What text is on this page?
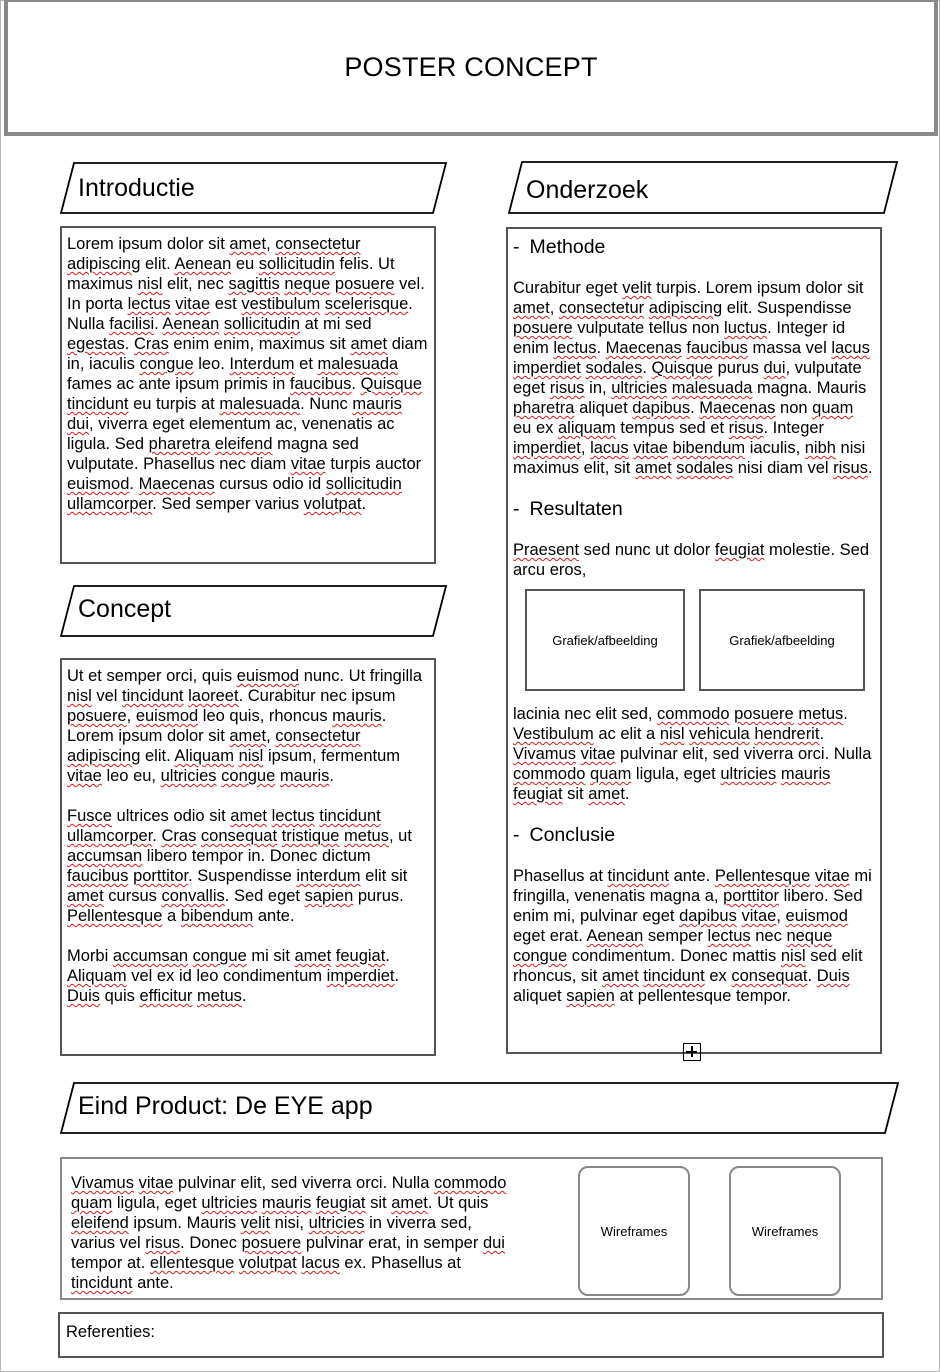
POSTER CONCEPT
Introductie

Lorem ipsum dolor sit amet, consectetur adipiscing elit. Aenean eu sollicitudin felis. Ut maximus nisl elit, nec sagittis neque posuere vel. In porta lectus vitae est vestibulum scelerisque. Nulla facilisi. Aenean sollicitudin at mi sed egestas. Cras enim enim, maximus sit amet diam in, iaculis congue leo. Interdum et malesuada fames ac ante ipsum primis in faucibus. Quisque tincidunt eu turpis at malesuada. Nunc mauris dui, viverra eget elementum ac, venenatis ac ligula. Sed pharetra eleifend magna sed vulputate. Phasellus nec diam vitae turpis auctor euismod. Maecenas cursus odio id sollicitudin ullamcorper. Sed semper varius volutpat.

Concept

Ut et semper orci, quis euismod nunc. Ut fringilla nisl vel tincidunt laoreet. Curabitur nec ipsum posuere, euismod leo quis, rhoncus mauris. Lorem ipsum dolor sit amet, consectetur adipiscing elit. Aliquam nisl ipsum, fermentum vitae leo eu, ultricies congue mauris.

Fusce ultrices odio sit amet lectus tincidunt ullamcorper. Cras consequat tristique metus, ut accumsan libero tempor in. Donec dictum faucibus porttitor. Suspendisse interdum elit sit amet cursus convallis. Sed eget sapien purus. Pellentesque a bibendum ante.

Morbi accumsan congue mi sit amet feugiat. Aliquam vel ex id leo condimentum imperdiet. Duis quis efficitur metus.

Onderzoek
- Methode

Curabitur eget velit turpis. Lorem ipsum dolor sit amet, consectetur adipiscing elit. Suspendisse posuere vulputate tellus non luctus. Integer id enim lectus. Maecenas faucibus massa vel lacus imperdiet sodales. Quisque purus dui, vulputate eget risus in, ultricies malesuada magna. Mauris pharetra aliquet dapibus. Maecenas non quam eu ex aliquam tempus sed et risus. Integer imperdiet, lacus vitae bibendum iaculis, nibh nisi maximus elit, sit amet sodales nisi diam vel risus.

- Resultaten

Praesent sed nunc ut dolor feugiat molestie. Sed arcu eros,

Grafiek/afbeelding	Grafiek/afbeelding

lacinia nec elit sed, commodo posuere metus. Vestibulum ac elit a nisl vehicula hendrerit. Vivamus vitae pulvinar elit, sed viverra orci. Nulla commodo quam ligula, eget ultricies mauris feugiat sit amet.

- Conclusie

Phasellus at tincidunt ante. Pellentesque vitae mi fringilla, venenatis magna a, porttitor libero. Sed enim mi, pulvinar eget dapibus vitae, euismod eget erat. Aenean semper lectus nec neque congue condimentum. Donec mattis nisl sed elit rhoncus, sit amet tincidunt ex consequat. Duis aliquet sapien at pellentesque tempor.

Eind Product: De EYE app

Vivamus vitae pulvinar elit, sed viverra orci. Nulla commodo quam ligula, eget ultricies mauris feugiat sit amet. Ut quis eleifend ipsum. Mauris velit nisi, ultricies in viverra sed, varius vel risus. Donec posuere pulvinar erat, in semper dui tempor at. ellentesque volutpat lacus ex. Phasellus at tincidunt ante.

Wireframes	Wireframes
Referenties:
